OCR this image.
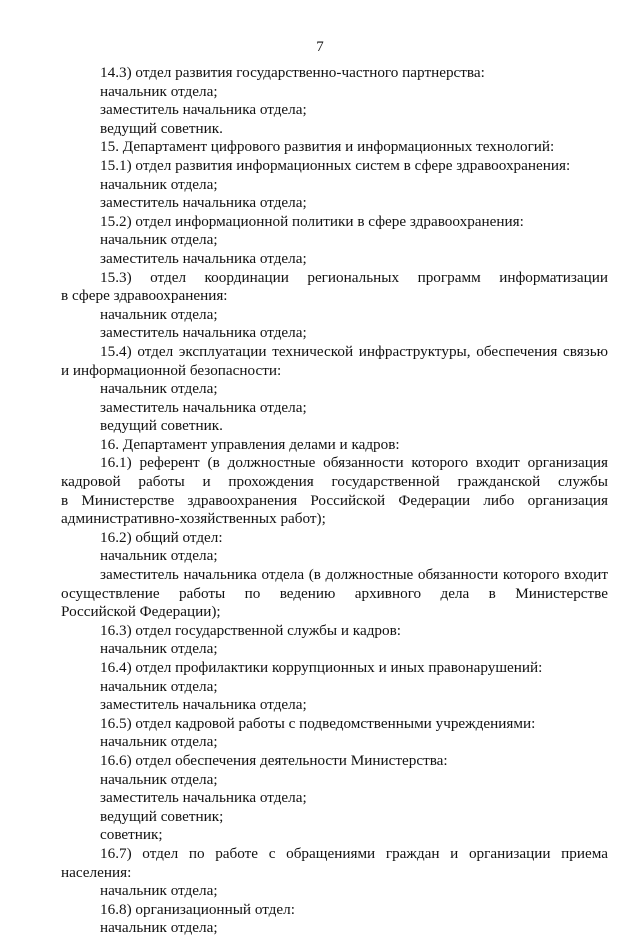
7
14.3) отдел развития государственно-частного партнерства:
начальник отдела;
заместитель начальника отдела;
ведущий советник.
15. Департамент цифрового развития и информационных технологий:
15.1) отдел развития информационных систем в сфере здравоохранения:
начальник отдела;
заместитель начальника отдела;
15.2) отдел информационной политики в сфере здравоохранения:
начальник отдела;
заместитель начальника отдела;
15.3) отдел координации региональных программ информатизации
в сфере здравоохранения:
начальник отдела;
заместитель начальника отдела;
15.4) отдел эксплуатации технической инфраструктуры, обеспечения связью
и информационной безопасности:
начальник отдела;
заместитель начальника отдела;
ведущий советник.
16. Департамент управления делами и кадров:
16.1) референт (в должностные обязанности которого входит организация
кадровой работы и прохождения государственной гражданской службы
в Министерстве здравоохранения Российской Федерации либо организация
административно-хозяйственных работ);
16.2) общий отдел:
начальник отдела;
заместитель начальника отдела (в должностные обязанности которого входит
осуществление работы по ведению архивного дела в Министерстве
Российской Федерации);
16.3) отдел государственной службы и кадров:
начальник отдела;
16.4) отдел профилактики коррупционных и иных правонарушений:
начальник отдела;
заместитель начальника отдела;
16.5) отдел кадровой работы с подведомственными учреждениями:
начальник отдела;
16.6) отдел обеспечения деятельности Министерства:
начальник отдела;
заместитель начальника отдела;
ведущий советник;
советник;
16.7) отдел по работе с обращениями граждан и организации приема
населения:
начальник отдела;
16.8) организационный отдел:
начальник отдела;
